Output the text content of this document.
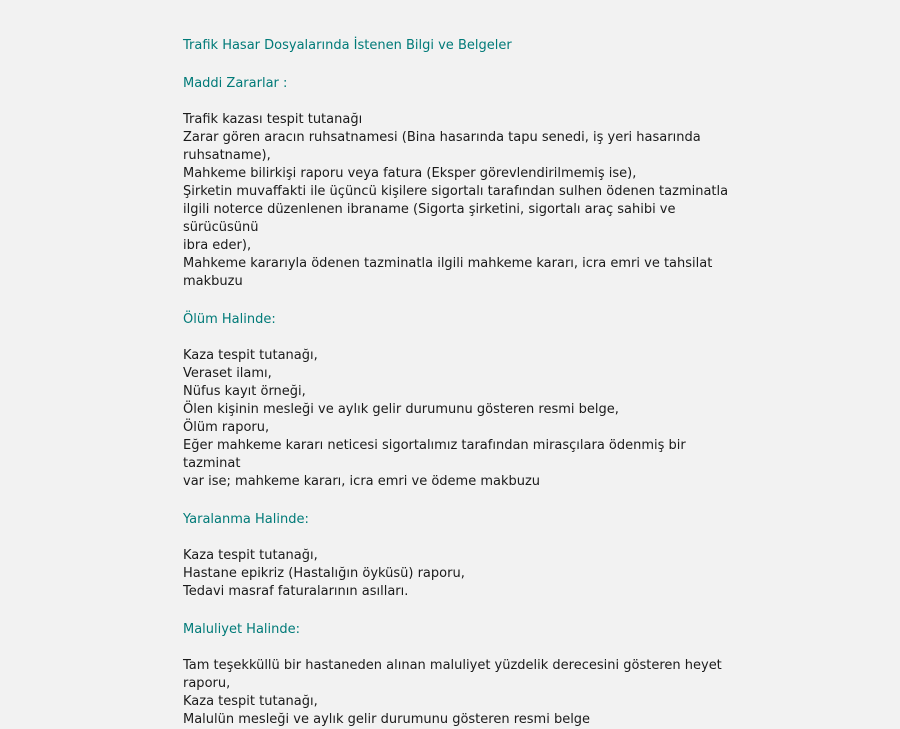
Trafik Hasar Dosyalarında İstenen Bilgi ve Belgeler
Maddi Zararlar :
Trafik kazası tespit tutanağı
Zarar gören aracın ruhsatnamesi (Bina hasarında tapu senedi, iş yeri hasarında
ruhsatname),
Mahkeme bilirkişi raporu veya fatura (Eksper görevlendirilmemiş ise),
Şirketin muvaffakti ile üçüncü kişilere sigortalı tarafından sulhen ödenen tazminatla
ilgili noterce düzenlenen ibraname (Sigorta şirketini, sigortalı araç sahibi ve sürücüsünü
ibra eder),
Mahkeme kararıyla ödenen tazminatla ilgili mahkeme kararı, icra emri ve tahsilat
makbuzu
Ölüm Halinde:
Kaza tespit tutanağı,
Veraset ilamı,
Nüfus kayıt örneği,
Ölen kişinin mesleği ve aylık gelir durumunu gösteren resmi belge,
Ölüm raporu,
Eğer mahkeme kararı neticesi sigortalımız tarafından mirasçılara ödenmiş bir tazminat
var ise; mahkeme kararı, icra emri ve ödeme makbuzu
Yaralanma Halinde:
Kaza tespit tutanağı,
Hastane epikriz (Hastalığın öyküsü) raporu,
Tedavi masraf faturalarının asılları.
Maluliyet Halinde:
Tam teşekküllü bir hastaneden alınan maluliyet yüzdelik derecesini gösteren heyet
raporu,
Kaza tespit tutanağı,
Malulün mesleği ve aylık gelir durumunu gösteren resmi belge
